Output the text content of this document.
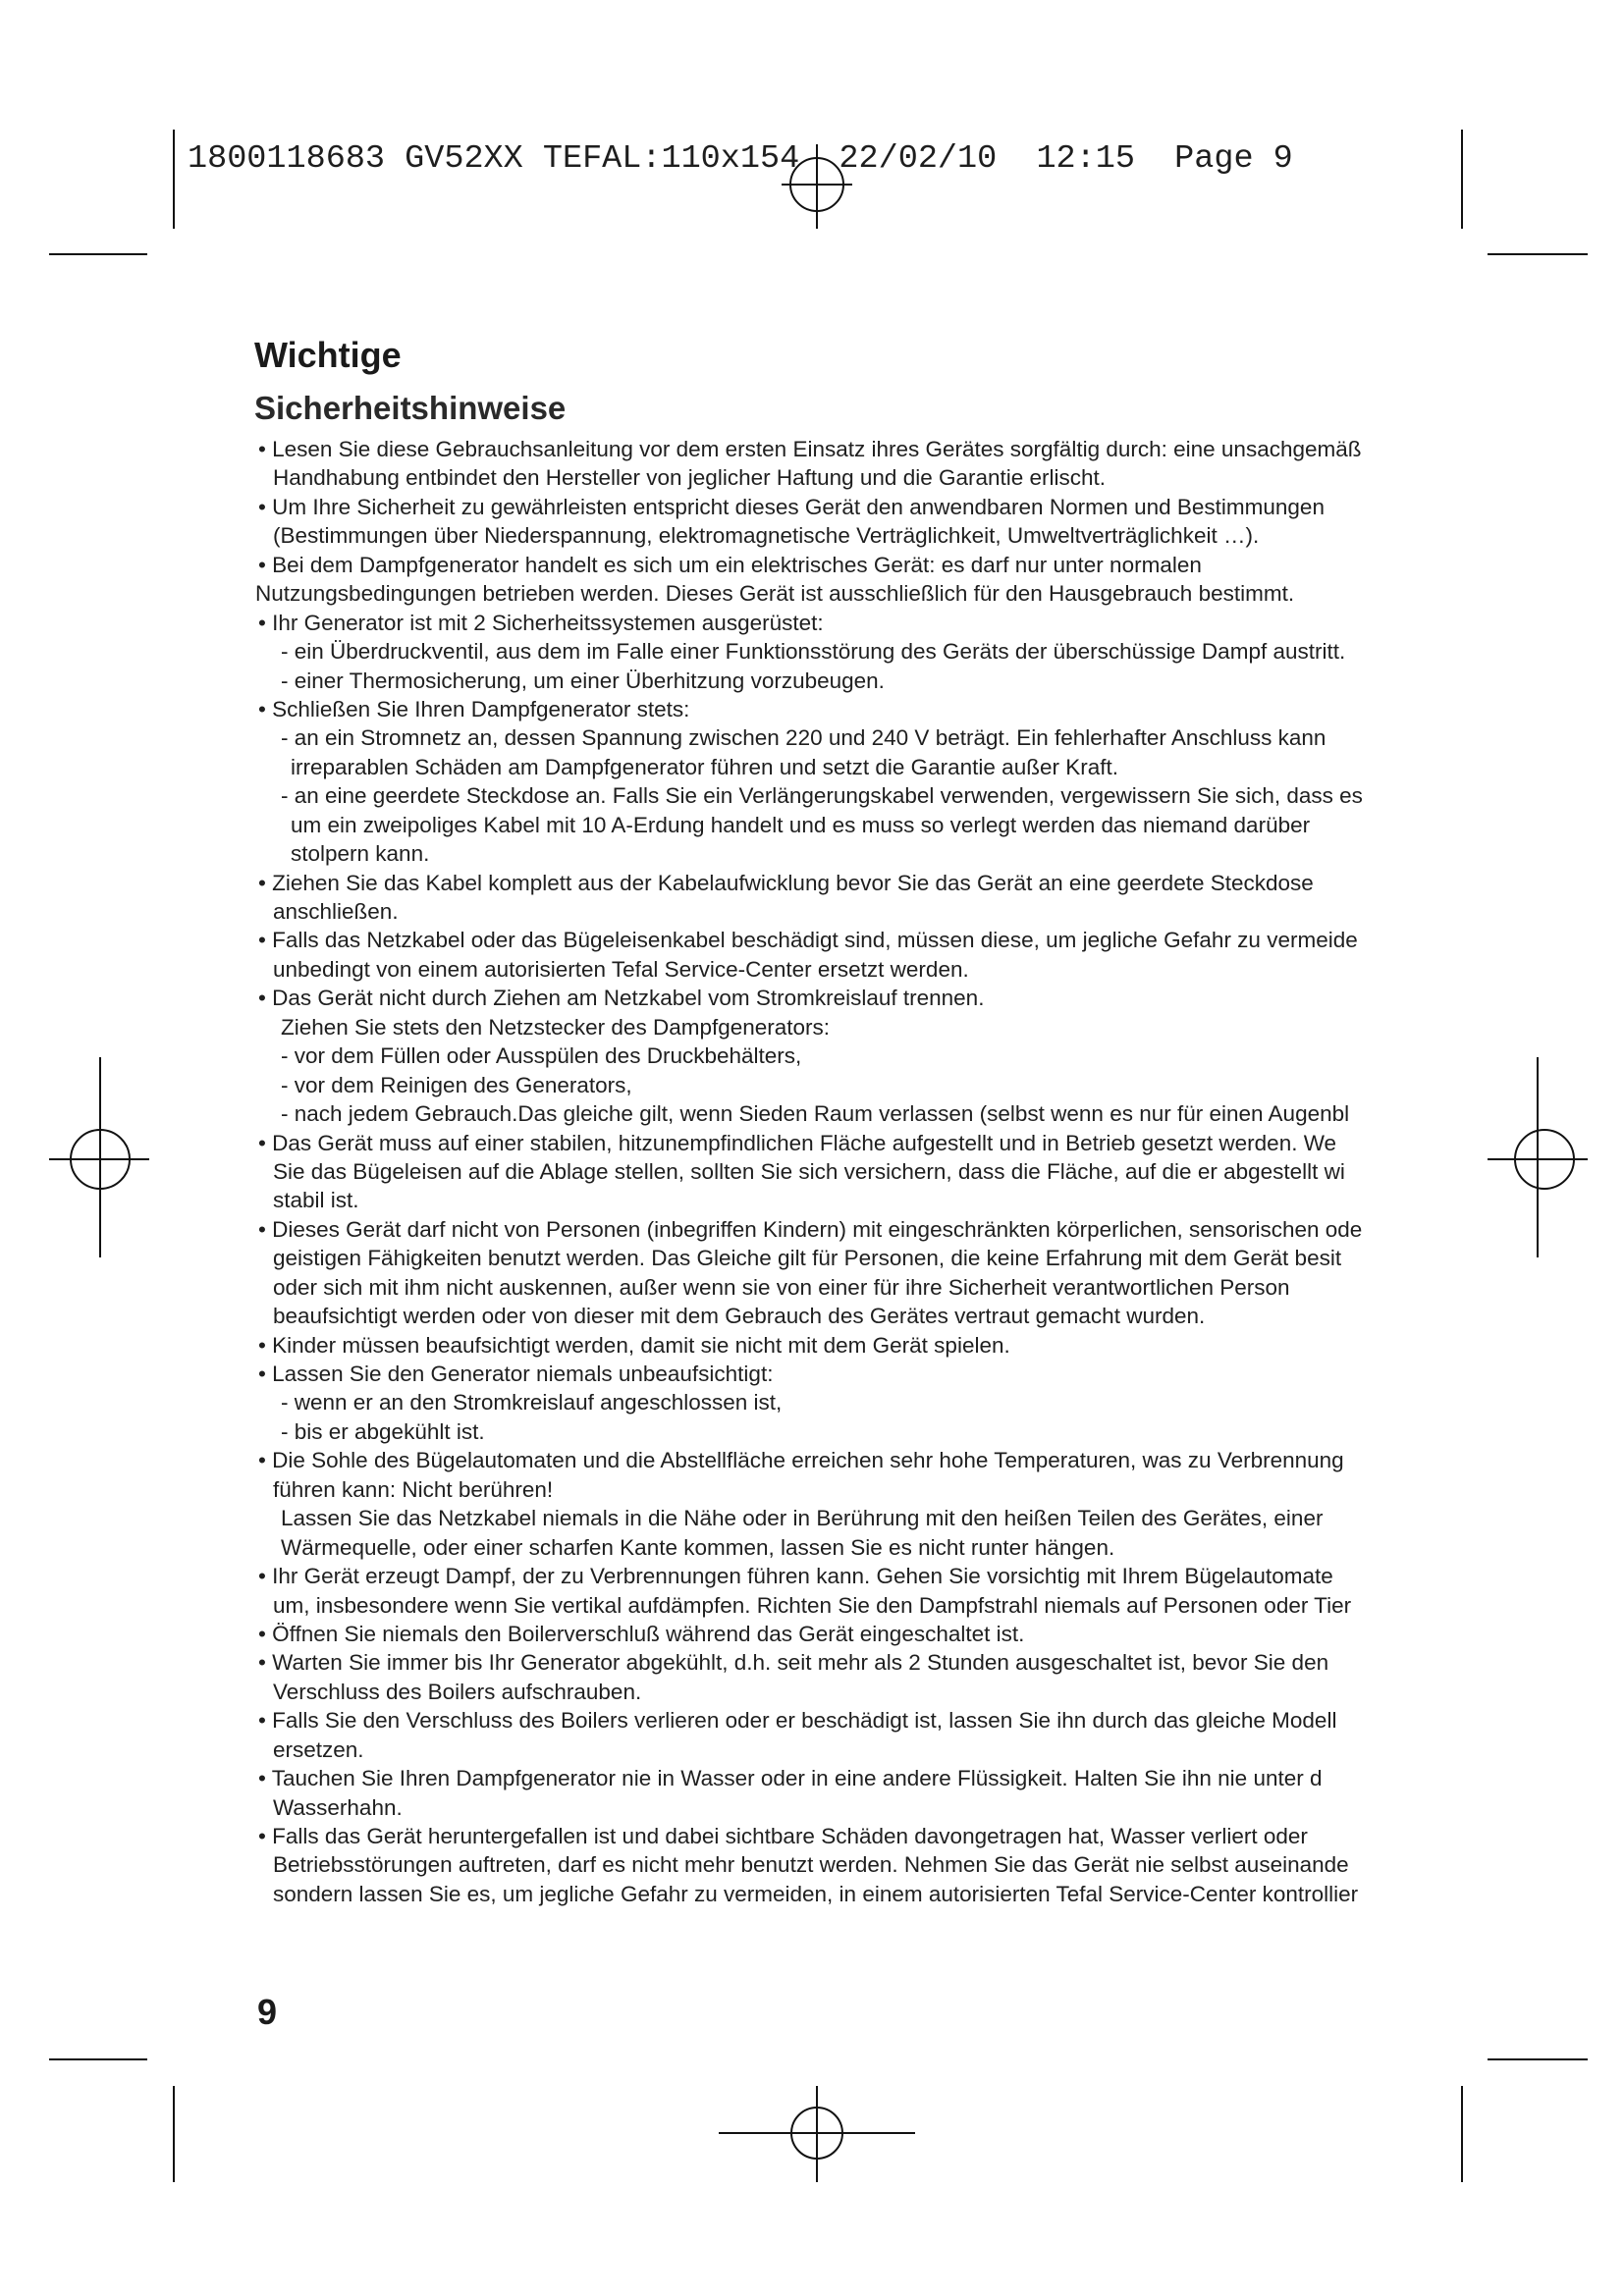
1800118683 GV52XX TEFAL:110x154  22/02/10  12:15  Page 9
Wichtige
Sicherheitshinweise
• Lesen Sie diese Gebrauchsanleitung vor dem ersten Einsatz ihres Gerätes sorgfältig durch: eine unsachgemäß
Handhabung entbindet den Hersteller von jeglicher Haftung und die Garantie erlischt.
• Um Ihre Sicherheit zu gewährleisten entspricht dieses Gerät den anwendbaren Normen und Bestimmungen
(Bestimmungen über Niederspannung, elektromagnetische Verträglichkeit, Umweltverträglichkeit …).
• Bei dem Dampfgenerator handelt es sich um ein elektrisches Gerät: es darf nur unter normalen
Nutzungsbedingungen betrieben werden. Dieses Gerät ist ausschließlich für den Hausgebrauch bestimmt.
• Ihr Generator ist mit 2 Sicherheitssystemen ausgerüstet:
- ein Überdruckventil, aus dem im Falle einer Funktionsstörung des Geräts der überschüssige Dampf austritt.
- einer Thermosicherung, um einer Überhitzung vorzubeugen.
• Schließen Sie Ihren Dampfgenerator stets:
- an ein Stromnetz an, dessen Spannung zwischen 220 und 240 V beträgt. Ein fehlerhafter Anschluss kann
irreparablen Schäden am Dampfgenerator führen und setzt die Garantie außer Kraft.
- an eine geerdete Steckdose an. Falls Sie ein Verlängerungskabel verwenden, vergewissern Sie sich, dass es
um ein zweipoliges Kabel mit 10 A-Erdung handelt und es muss so verlegt werden das niemand darüber
stolpern kann.
• Ziehen Sie das Kabel komplett aus der Kabelaufwicklung bevor Sie das Gerät an eine geerdete Steckdose
anschließen.
• Falls das Netzkabel oder das Bügeleisenkabel beschädigt sind, müssen diese, um jegliche Gefahr zu vermeide
unbedingt von einem autorisierten Tefal Service-Center ersetzt werden.
• Das Gerät nicht durch Ziehen am Netzkabel vom Stromkreislauf trennen.
Ziehen Sie stets den Netzstecker des Dampfgenerators:
- vor dem Füllen oder Ausspülen des Druckbehälters,
- vor dem Reinigen des Generators,
- nach jedem Gebrauch.Das gleiche gilt, wenn Sieden Raum verlassen (selbst wenn es nur für einen Augenbl
• Das Gerät muss auf einer stabilen, hitzunempfindlichen Fläche aufgestellt und in Betrieb gesetzt werden. We
Sie das Bügeleisen auf die Ablage stellen, sollten Sie sich versichern, dass die Fläche, auf die er abgestellt wi
stabil ist.
• Dieses Gerät darf nicht von Personen (inbegriffen Kindern) mit eingeschränkten körperlichen, sensorischen ode
geistigen Fähigkeiten benutzt werden. Das Gleiche gilt für Personen, die keine Erfahrung mit dem Gerät besit
oder sich mit ihm nicht auskennen, außer wenn sie von einer für ihre Sicherheit verantwortlichen Person
beaufsichtigt werden oder von dieser mit dem Gebrauch des Gerätes vertraut gemacht wurden.
• Kinder müssen beaufsichtigt werden, damit sie nicht mit dem Gerät spielen.
• Lassen Sie den Generator niemals unbeaufsichtigt:
- wenn er an den Stromkreislauf angeschlossen ist,
- bis er abgekühlt ist.
• Die Sohle des Bügelautomaten und die Abstellfläche erreichen sehr hohe Temperaturen, was zu Verbrennung
führen kann: Nicht berühren!
Lassen Sie das Netzkabel niemals in die Nähe oder in Berührung mit den heißen Teilen des Gerätes, einer
Wärmequelle, oder einer scharfen Kante kommen, lassen Sie es nicht runter hängen.
• Ihr Gerät erzeugt Dampf, der zu Verbrennungen führen kann. Gehen Sie vorsichtig mit Ihrem Bügelautomate
um, insbesondere wenn Sie vertikal aufdämpfen. Richten Sie den Dampfstrahl niemals auf Personen oder Tier
• Öffnen Sie niemals den Boilerverschluß während das Gerät eingeschaltet ist.
• Warten Sie immer bis Ihr Generator abgekühlt, d.h. seit mehr als 2 Stunden ausgeschaltet ist, bevor Sie den
Verschluss des Boilers aufschrauben.
• Falls Sie den Verschluss des Boilers verlieren oder er beschädigt ist, lassen Sie ihn durch das gleiche Modell
ersetzen.
• Tauchen Sie Ihren Dampfgenerator nie in Wasser oder in eine andere Flüssigkeit. Halten Sie ihn nie unter d
Wasserhahn.
• Falls das Gerät heruntergefallen ist und dabei sichtbare Schäden davongetragen hat, Wasser verliert oder
Betriebsstörungen auftreten, darf es nicht mehr benutzt werden. Nehmen Sie das Gerät nie selbst auseinande
sondern lassen Sie es, um jegliche Gefahr zu vermeiden, in einem autorisierten Tefal Service-Center kontrollier
9
